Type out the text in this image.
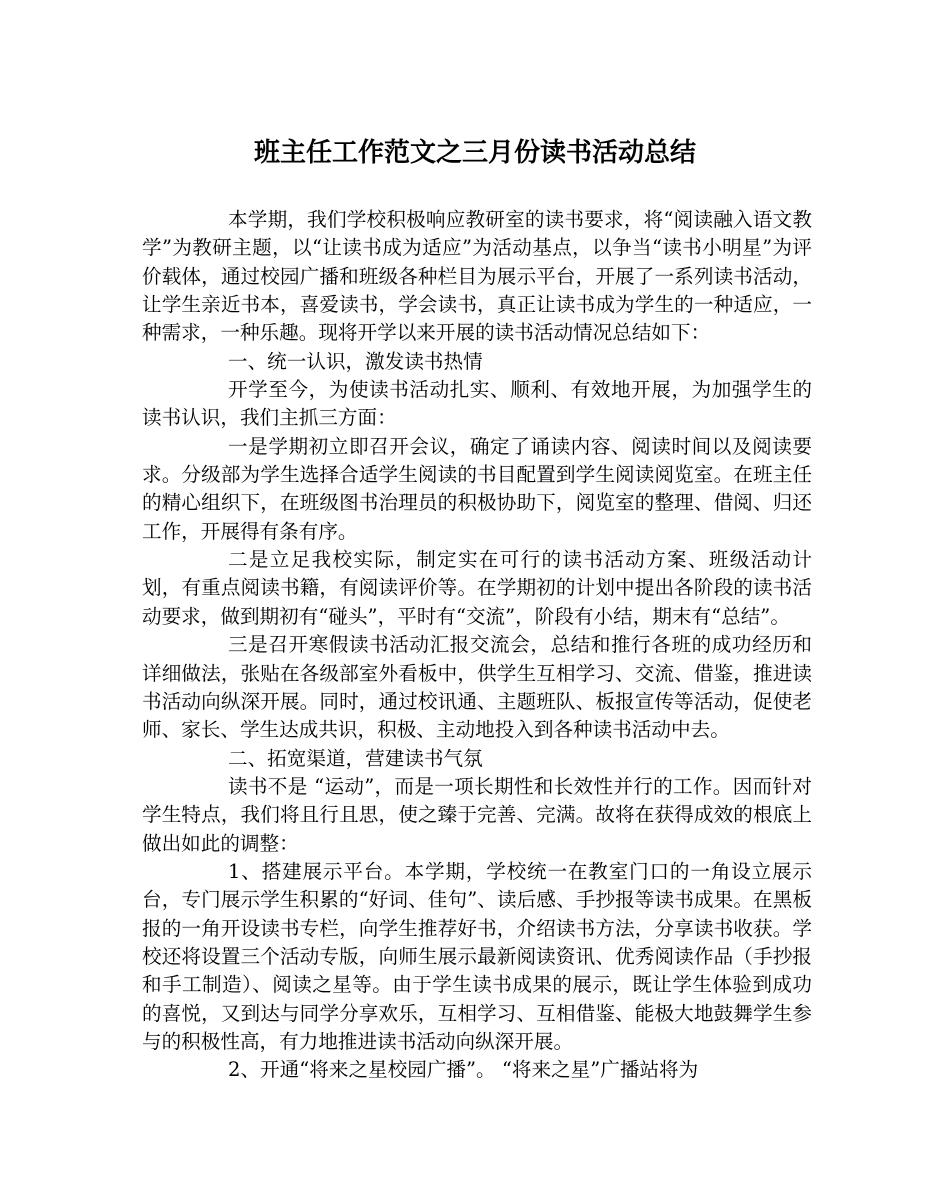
班主任工作范文之三月份读书活动总结

本学期，我们学校积极响应教研室的读书要求，将“阅读融入语文教学”为教研主题，以“让读书成为适应”为活动基点，以争当“读书小明星”为评价载体，通过校园广播和班级各种栏目为展示平台，开展了一系列读书活动，让学生亲近书本，喜爱读书，学会读书，真正让读书成为学生的一种适应，一种需求，一种乐趣。现将开学以来开展的读书活动情况总结如下：

一、统一认识，激发读书热情

开学至今，为使读书活动扎实、顺利、有效地开展，为加强学生的读书认识，我们主抓三方面：

一是学期初立即召开会议，确定了诵读内容、阅读时间以及阅读要求。分级部为学生选择合适学生阅读的书目配置到学生阅读阅览室。在班主任的精心组织下，在班级图书治理员的积极协助下，阅览室的整理、借阅、归还工作，开展得有条有序。

二是立足我校实际，制定实在可行的读书活动方案、班级活动计划，有重点阅读书籍，有阅读评价等。在学期初的计划中提出各阶段的读书活动要求，做到期初有“碰头”，平时有“交流”，阶段有小结，期末有“总结”。

三是召开寒假读书活动汇报交流会，总结和推行各班的成功经历和详细做法，张贴在各级部室外看板中，供学生互相学习、交流、借鉴，推进读书活动向纵深开展。同时，通过校讯通、主题班队、板报宣传等活动，促使老师、家长、学生达成共识，积极、主动地投入到各种读书活动中去。

二、拓宽渠道，营建读书气氛

读书不是 “运动”，而是一项长期性和长效性并行的工作。因而针对学生特点，我们将且行且思，使之臻于完善、完满。故将在获得成效的根底上做出如此的调整：

1、搭建展示平台。本学期，学校统一在教室门口的一角设立展示台，专门展示学生积累的“好词、佳句”、读后感、手抄报等读书成果。在黑板报的一角开设读书专栏，向学生推荐好书，介绍读书方法，分享读书收获。学校还将设置三个活动专版，向师生展示最新阅读资讯、优秀阅读作品（手抄报和手工制造）、阅读之星等。由于学生读书成果的展示，既让学生体验到成功的喜悦，又到达与同学分享欢乐，互相学习、互相借鉴、能极大地鼓舞学生参与的积极性高，有力地推进读书活动向纵深开展。

2、开通“将来之星校园广播”。 “将来之星”广播站将为
